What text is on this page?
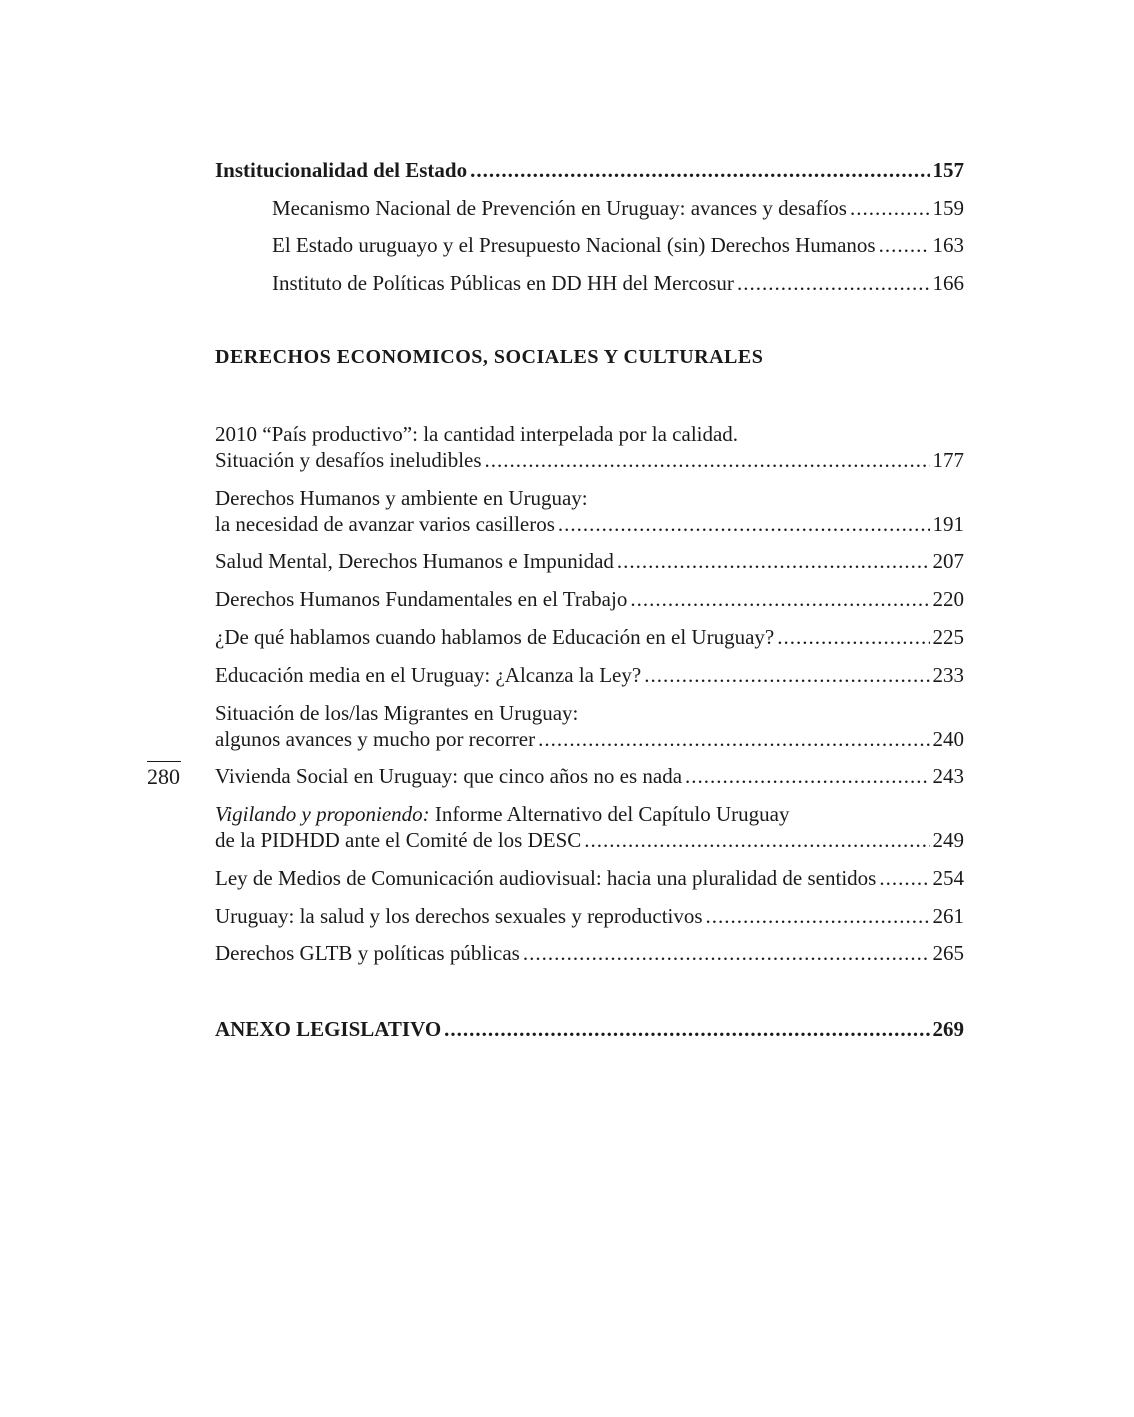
Institucionalidad del Estado .....	157
Mecanismo Nacional de Prevención en Uruguay: avances y desafíos .....	159
El Estado uruguayo y el Presupuesto Nacional (sin) Derechos Humanos .....	163
Instituto de Políticas Públicas en DD HH del Mercosur .....	166
DERECHOS ECONOMICOS, SOCIALES Y CULTURALES
2010 “País productivo”: la cantidad interpelada por la calidad.
Situación y desafíos ineludibles .....	177
Derechos Humanos y ambiente en Uruguay:
la necesidad de avanzar varios casilleros .....	191
Salud Mental, Derechos Humanos e Impunidad .....	207
Derechos Humanos Fundamentales en el Trabajo .....	220
¿De qué hablamos cuando hablamos de Educación en el Uruguay? .....	225
Educación media en el Uruguay: ¿Alcanza la Ley? .....	233
Situación de los/las Migrantes en Uruguay:
algunos avances y mucho por recorrer .....	240
Vivienda Social en Uruguay: que cinco años no es nada .....	243
Vigilando y proponiendo: Informe Alternativo del Capítulo Uruguay
de la PIDHDD ante el Comité de los DESC .....	249
Ley de Medios de Comunicación audiovisual: hacia una pluralidad de sentidos .....	254
Uruguay: la salud y los derechos sexuales y reproductivos .....	261
Derechos GLTB y políticas públicas .....	265
ANEXO LEGISLATIVO .....	269
280
